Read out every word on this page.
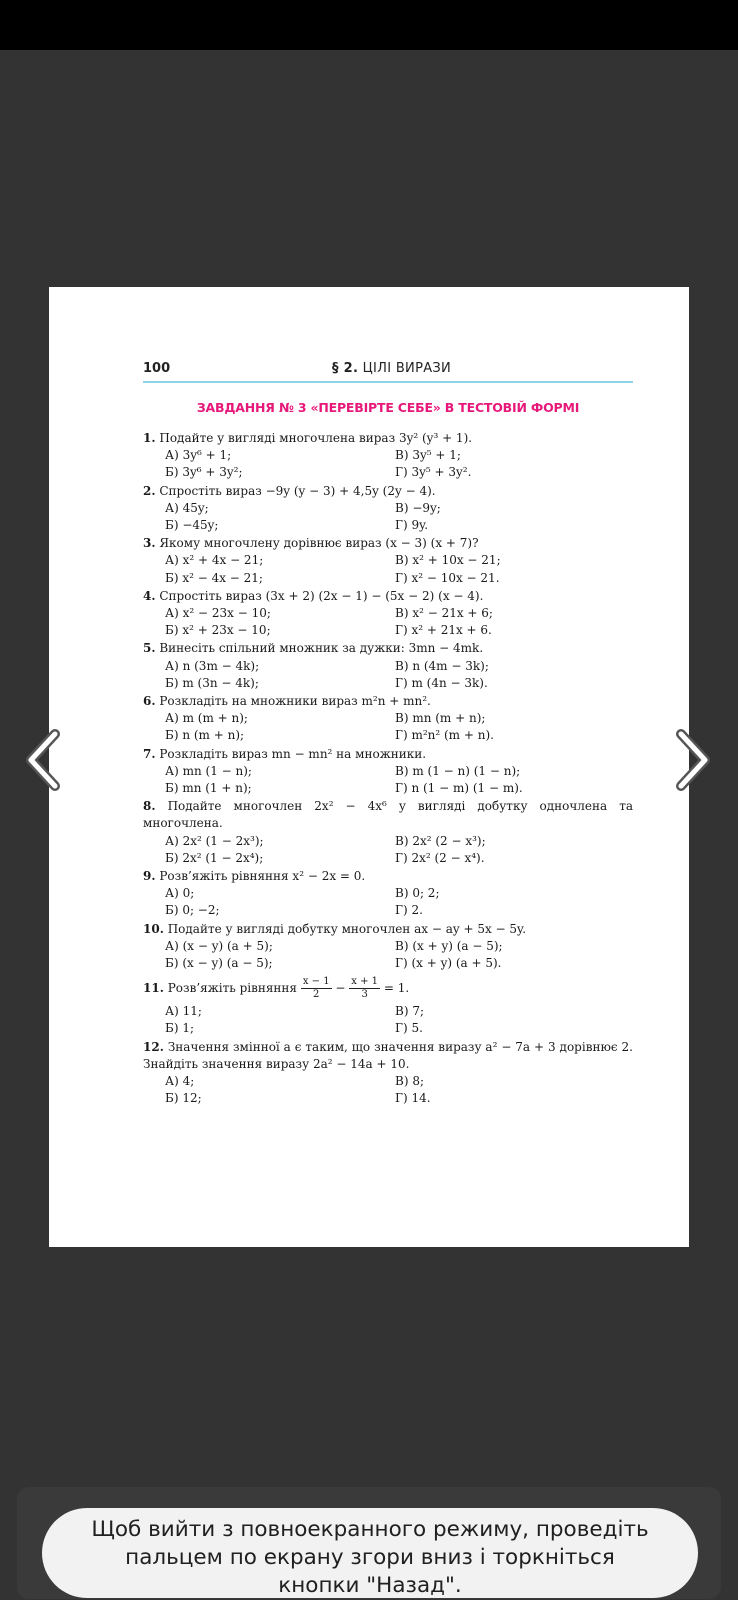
100	§ 2. ЦІЛІ ВИРАЗИ
ЗАВДАННЯ № 3 «ПЕРЕВІРТЕ СЕБЕ» В ТЕСТОВІЙ ФОРМІ
1. Подайте у вигляді многочлена вираз 3y² (y³ + 1).
А) 3y⁶ + 1;	В) 3y⁵ + 1;
Б) 3y⁶ + 3y²;	Г) 3y⁵ + 3y².
2. Спростіть вираз −9y (y − 3) + 4,5y (2y − 4).
А) 45y;	В) −9y;
Б) −45y;	Г) 9y.
3. Якому многочлену дорівнює вираз (x − 3) (x + 7)?
А) x² + 4x − 21;	В) x² + 10x − 21;
Б) x² − 4x − 21;	Г) x² − 10x − 21.
4. Спростіть вираз (3x + 2) (2x − 1) − (5x − 2) (x − 4).
А) x² − 23x − 10;	В) x² − 21x + 6;
Б) x² + 23x − 10;	Г) x² + 21x + 6.
5. Винесіть спільний множник за дужки: 3mn − 4mk.
А) n (3m − 4k);	В) n (4m − 3k);
Б) m (3n − 4k);	Г) m (4n − 3k).
6. Розкладіть на множники вираз m²n + mn².
А) m (m + n);	В) mn (m + n);
Б) n (m + n);	Г) m²n² (m + n).
7. Розкладіть вираз mn − mn² на множники.
А) mn (1 − n);	В) m (1 − n) (1 − n);
Б) mn (1 + n);	Г) n (1 − m) (1 − m).
8. Подайте многочлен 2x² − 4x⁶ у вигляді добутку одночлена та многочлена.
А) 2x² (1 − 2x³);	В) 2x² (2 − x³);
Б) 2x² (1 − 2x⁴);	Г) 2x² (2 − x⁴).
9. Розв’яжіть рівняння x² − 2x = 0.
А) 0;	В) 0; 2;
Б) 0; −2;	Г) 2.
10. Подайте у вигляді добутку многочлен ax − ay + 5x − 5y.
А) (x − y) (a + 5);	В) (x + y) (a − 5);
Б) (x − y) (a − 5);	Г) (x + y) (a + 5).
11. Розв’яжіть рівняння $\frac{x - 1}{2} - \frac{x + 1}{3} = 1$.
А) 11;	В) 7;
Б) 1;	Г) 5.
12. Значення змінної a є таким, що значення виразу a² − 7a + 3 дорівнює 2. Знайдіть значення виразу 2a² − 14a + 10.
А) 4;	В) 8;
Б) 12;	Г) 14.
Щоб вийти з повноекранного режиму, проведіть
пальцем по екрану згори вниз і торкніться
кнопки "Назад".
